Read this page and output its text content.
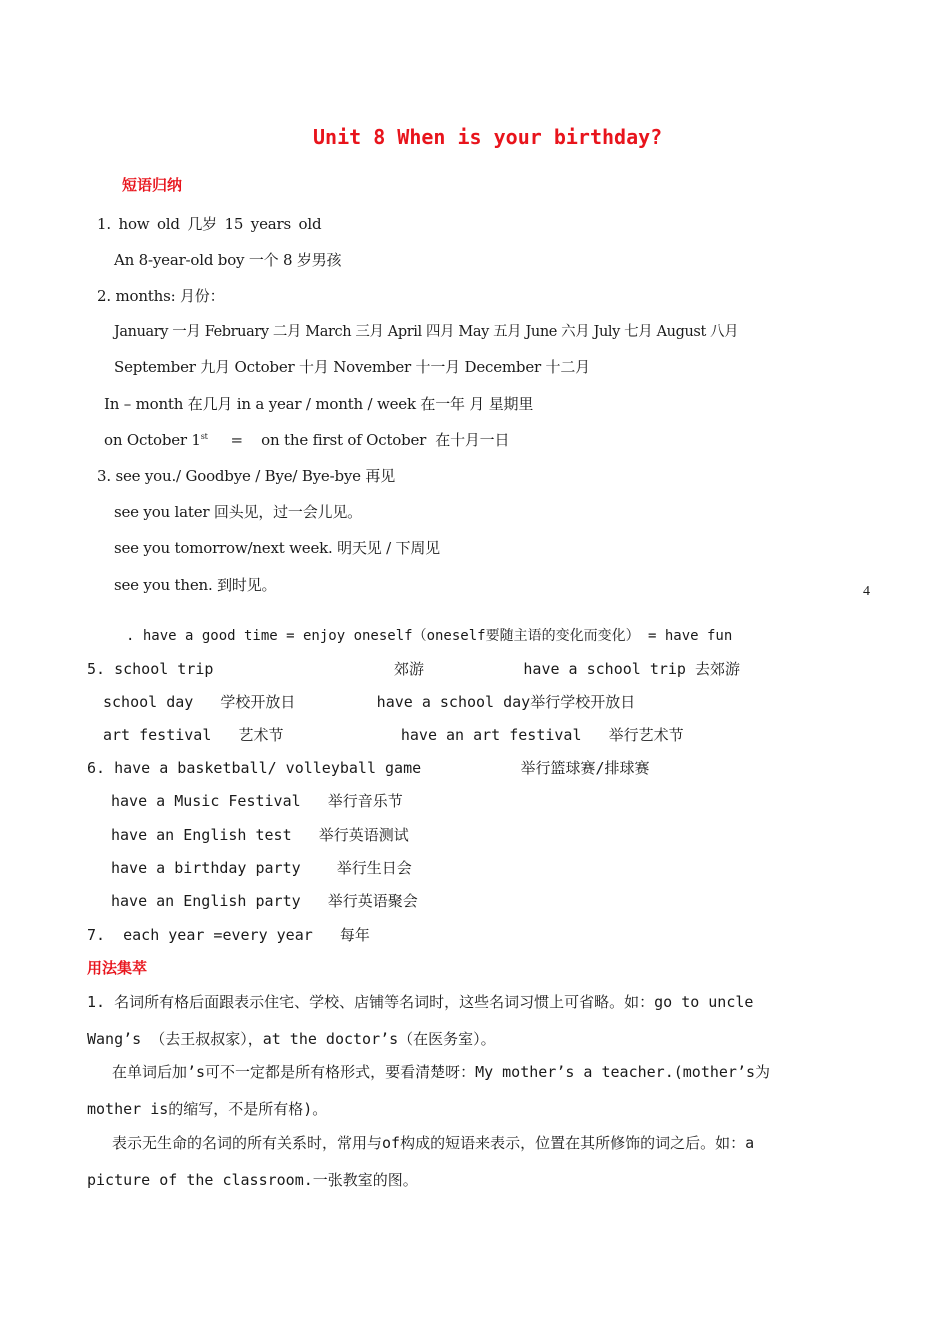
Unit 8 When is your birthday?
短语归纳
1. how old 几岁 15 years old
An 8-year-old boy 一个 8 岁男孩
2. months: 月份：
January 一月 February 二月 March 三月 April 四月 May 五月 June 六月 July 七月 August 八月
September 九月 October 十月 November 十一月 December 十二月
In – month 在几月 in a year / month / week 在一年 月 星期里
on October 1st     =    on the first of October  在十月一日
3. see you./ Goodbye / Bye/ Bye-bye 再见
see you later 回头见，过一会儿见。
see you tomorrow/next week. 明天见 / 下周见
see you then. 到时见。	4
. have a good time = enjoy oneself（oneself要随主语的变化而变化） = have fun
5. school trip                    郊游           have a school trip 去郊游
school day   学校开放日         have a school day举行学校开放日
art festival   艺术节             have an art festival   举行艺术节
6. have a basketball/ volleyball game           举行篮球赛/排球赛
have a Music Festival   举行音乐节
have an English test   举行英语测试
have a birthday party    举行生日会
have an English party   举行英语聚会
7.  each year =every year   每年
用法集萃
1. 名词所有格后面跟表示住宅、学校、店铺等名词时，这些名词习惯上可省略。如：go to uncle
Wang’s （去王叔叔家），at the doctor’s（在医务室）。
在单词后加’s可不一定都是所有格形式，要看清楚呀：My mother’s a teacher.(mother’s为
mother is的缩写，不是所有格)。
表示无生命的名词的所有关系时，常用与of构成的短语来表示，位置在其所修饰的词之后。如：a
picture of the classroom.一张教室的图。
